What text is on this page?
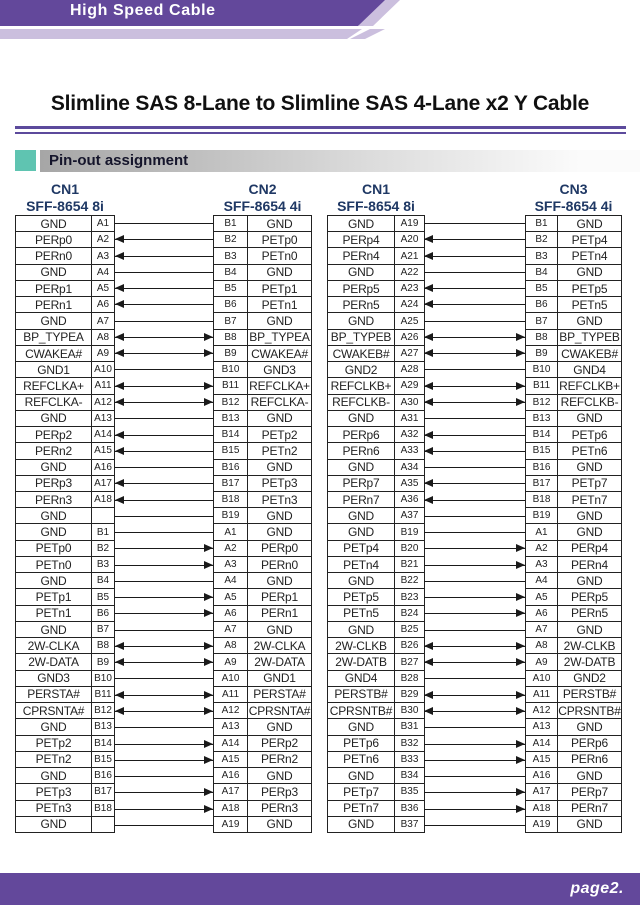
High Speed Cable
Slimline SAS 8-Lane to Slimline SAS 4-Lane x2 Y Cable
Pin-out assignment
CN1
SFF-8654 8i
CN2
SFF-8654 4i
CN1
SFF-8654 8i
CN3
SFF-8654 4i
GND	A1
PERp0	A2
PERn0	A3
GND	A4
PERp1	A5
PERn1	A6
GND	A7
BP_TYPEA	A8
CWAKEA#	A9
GND1	A10
REFCLKA+	A11
REFCLKA-	A12
GND	A13
PERp2	A14
PERn2	A15
GND	A16
PERp3	A17
PERn3	A18
GND
GND	B1
PETp0	B2
PETn0	B3
GND	B4
PETp1	B5
PETn1	B6
GND	B7
2W-CLKA	B8
2W-DATA	B9
GND3	B10
PERSTA#	B11
CPRSNTA# B12
GND	B13
PETp2	B14
PETn2	B15
GND	B16
PETp3	B17
PETn3	B18
GND
B1	GND
B2	PETp0
B3	PETn0
B4	GND
B5	PETp1
B6	PETn1
B7	GND
B8	BP_TYPEA
B9	CWAKEA#
B10	GND3
B11 REFCLKA+
B12 REFCLKA-
B13	GND
B14	PETp2
B15	PETn2
B16	GND
B17	PETp3
B18	PETn3
B19	GND
A1	GND
A2	PERp0
A3	PERn0
A4	GND
A5	PERp1
A6	PERn1
A7	GND
A8	2W-CLKA
A9	2W-DATA
A10	GND1
A11	PERSTA#
A12 CPRSNTA#
A13	GND
A14	PERp2
A15	PERn2
A16	GND
A17	PERp3
A18	PERn3
A19	GND
GND	A19
PERp4	A20
PERn4	A21
GND	A22
PERp5	A23
PERn5	A24
GND	A25
BP_TYPEB A26
CWAKEB#	A27
GND2	A28
REFCLKB+ A29
REFCLKB-	A30
GND	A31
PERp6	A32
PERn6	A33
GND	A34
PERp7	A35
PERn7	A36
GND	A37
GND	B19
PETp4	B20
PETn4	B21
GND	B22
PETp5	B23
PETn5	B24
GND	B25
2W-CLKB	B26
2W-DATB	B27
GND4	B28
PERSTB#	B29
CPRSNTB# B30
GND	B31
PETp6	B32
PETn6	B33
GND	B34
PETp7	B35
PETn7	B36
GND	B37
B1	GND
B2	PETp4
B3	PETn4
B4	GND
B5	PETp5
B6	PETn5
B7	GND
B8 BP_TYPEB
B9	CWAKEB#
B10	GND4
B11 REFCLKB+
B12 REFCLKB-
B13	GND
B14	PETp6
B15	PETn6
B16	GND
B17	PETp7
B18	PETn7
B19	GND
A1	GND
A2	PERp4
A3	PERn4
A4	GND
A5	PERp5
A6	PERn5
A7	GND
A8	2W-CLKB
A9	2W-DATB
A10	GND2
A11	PERSTB#
A12 CPRSNTB#
A13	GND
A14	PERp6
A15	PERn6
A16	GND
A17	PERp7
A18	PERn7
A19	GND
page2.
